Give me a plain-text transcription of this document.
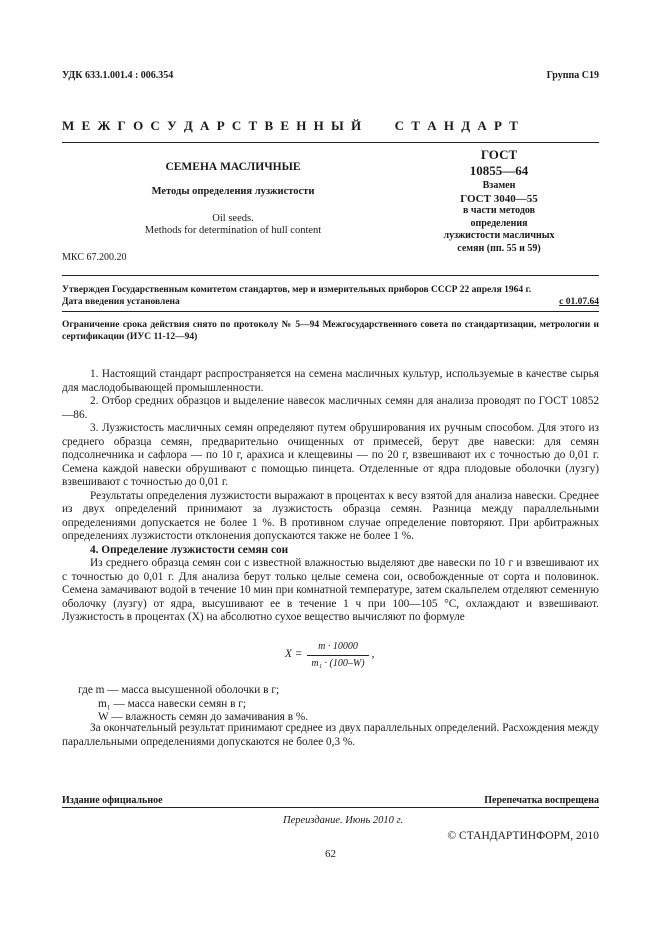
УДК 633.1.001.4 : 006.354	Группа С19
М Е Ж Г О С У Д А Р С Т В Е Н Н Ы Й      С Т А Н Д А Р Т
СЕМЕНА МАСЛИЧНЫЕ
Методы определения лузжистости
Oil seeds.
Methods for determination of hull content
МКС 67.200.20
ГОСТ
10855—64
Взамен
ГОСТ 3040—55
в части методов
определения
лузжистости масличных
семян (пп. 55 и 59)
Утвержден Государственным комитетом стандартов, мер и измерительных приборов СССР 22 апреля 1964 г.
Дата введения установлена	с 01.07.64
Ограничение срока действия снято по протоколу № 5—94 Межгосударственного совета по стандартизации, метрологии и сертификации (ИУС 11-12—94)

1. Настоящий стандарт распространяется на семена масличных культур, используемые в качестве сырья для маслодобывающей промышленности.

2. Отбор средних образцов и выделение навесок масличных семян для анализа проводят по ГОСТ 10852—86.

3. Лузжистость масличных семян определяют путем обруширования их ручным способом. Для этого из среднего образца семян, предварительно очищенных от примесей, берут две навески: для семян подсолнечника и сафлора — по 10 г, арахиса и клещевины — по 20 г, взвешивают их с точностью до 0,01 г. Семена каждой навески обрушивают с помощью пинцета. Отделенные от ядра плодовые оболочки (лузгу) взвешивают с точностью до 0,01 г.

Результаты определения лузжистости выражают в процентах к весу взятой для анализа навески. Среднее из двух определений принимают за лузжистость образца семян. Разница между параллельными определениями допускается не более 1 %. В противном случае определение повторяют. При арбитражных определениях лузжистости отклонения допускаются также не более 1 %.

4. Определение лузжистости семян сои

Из среднего образца семян сои с известной влажностью выделяют две навески по 10 г и взвешивают их с точностью до 0,01 г. Для анализа берут только целые семена сои, освобожденные от сорта и половинок. Семена замачивают водой в течение 10 мин при комнатной температуре, затем скальпелем отделяют семенную оболочку (лузгу) от ядра, высушивают ее в течение 1 ч при 100—105 °С, охлаждают и взвешивают. Лузжистость в процентах (X) на абсолютно сухое вещество вычисляют по формуле

$X = \frac{m \cdot 10000}{\text{m₁ · (100–W)}}$ ,
где m — масса высушенной оболочки в г;
m₁ — масса навески семян в г;
W — влажность семян до замачивания в %.

За окончательный результат принимают среднее из двух параллельных определений. Расхождения между параллельными определениями допускаются не более 0,3 %.

Издание официальное	Перепечатка воспрещена
Переиздание. Июнь 2010 г.
© СТАНДАРТИНФОРМ, 2010
62
